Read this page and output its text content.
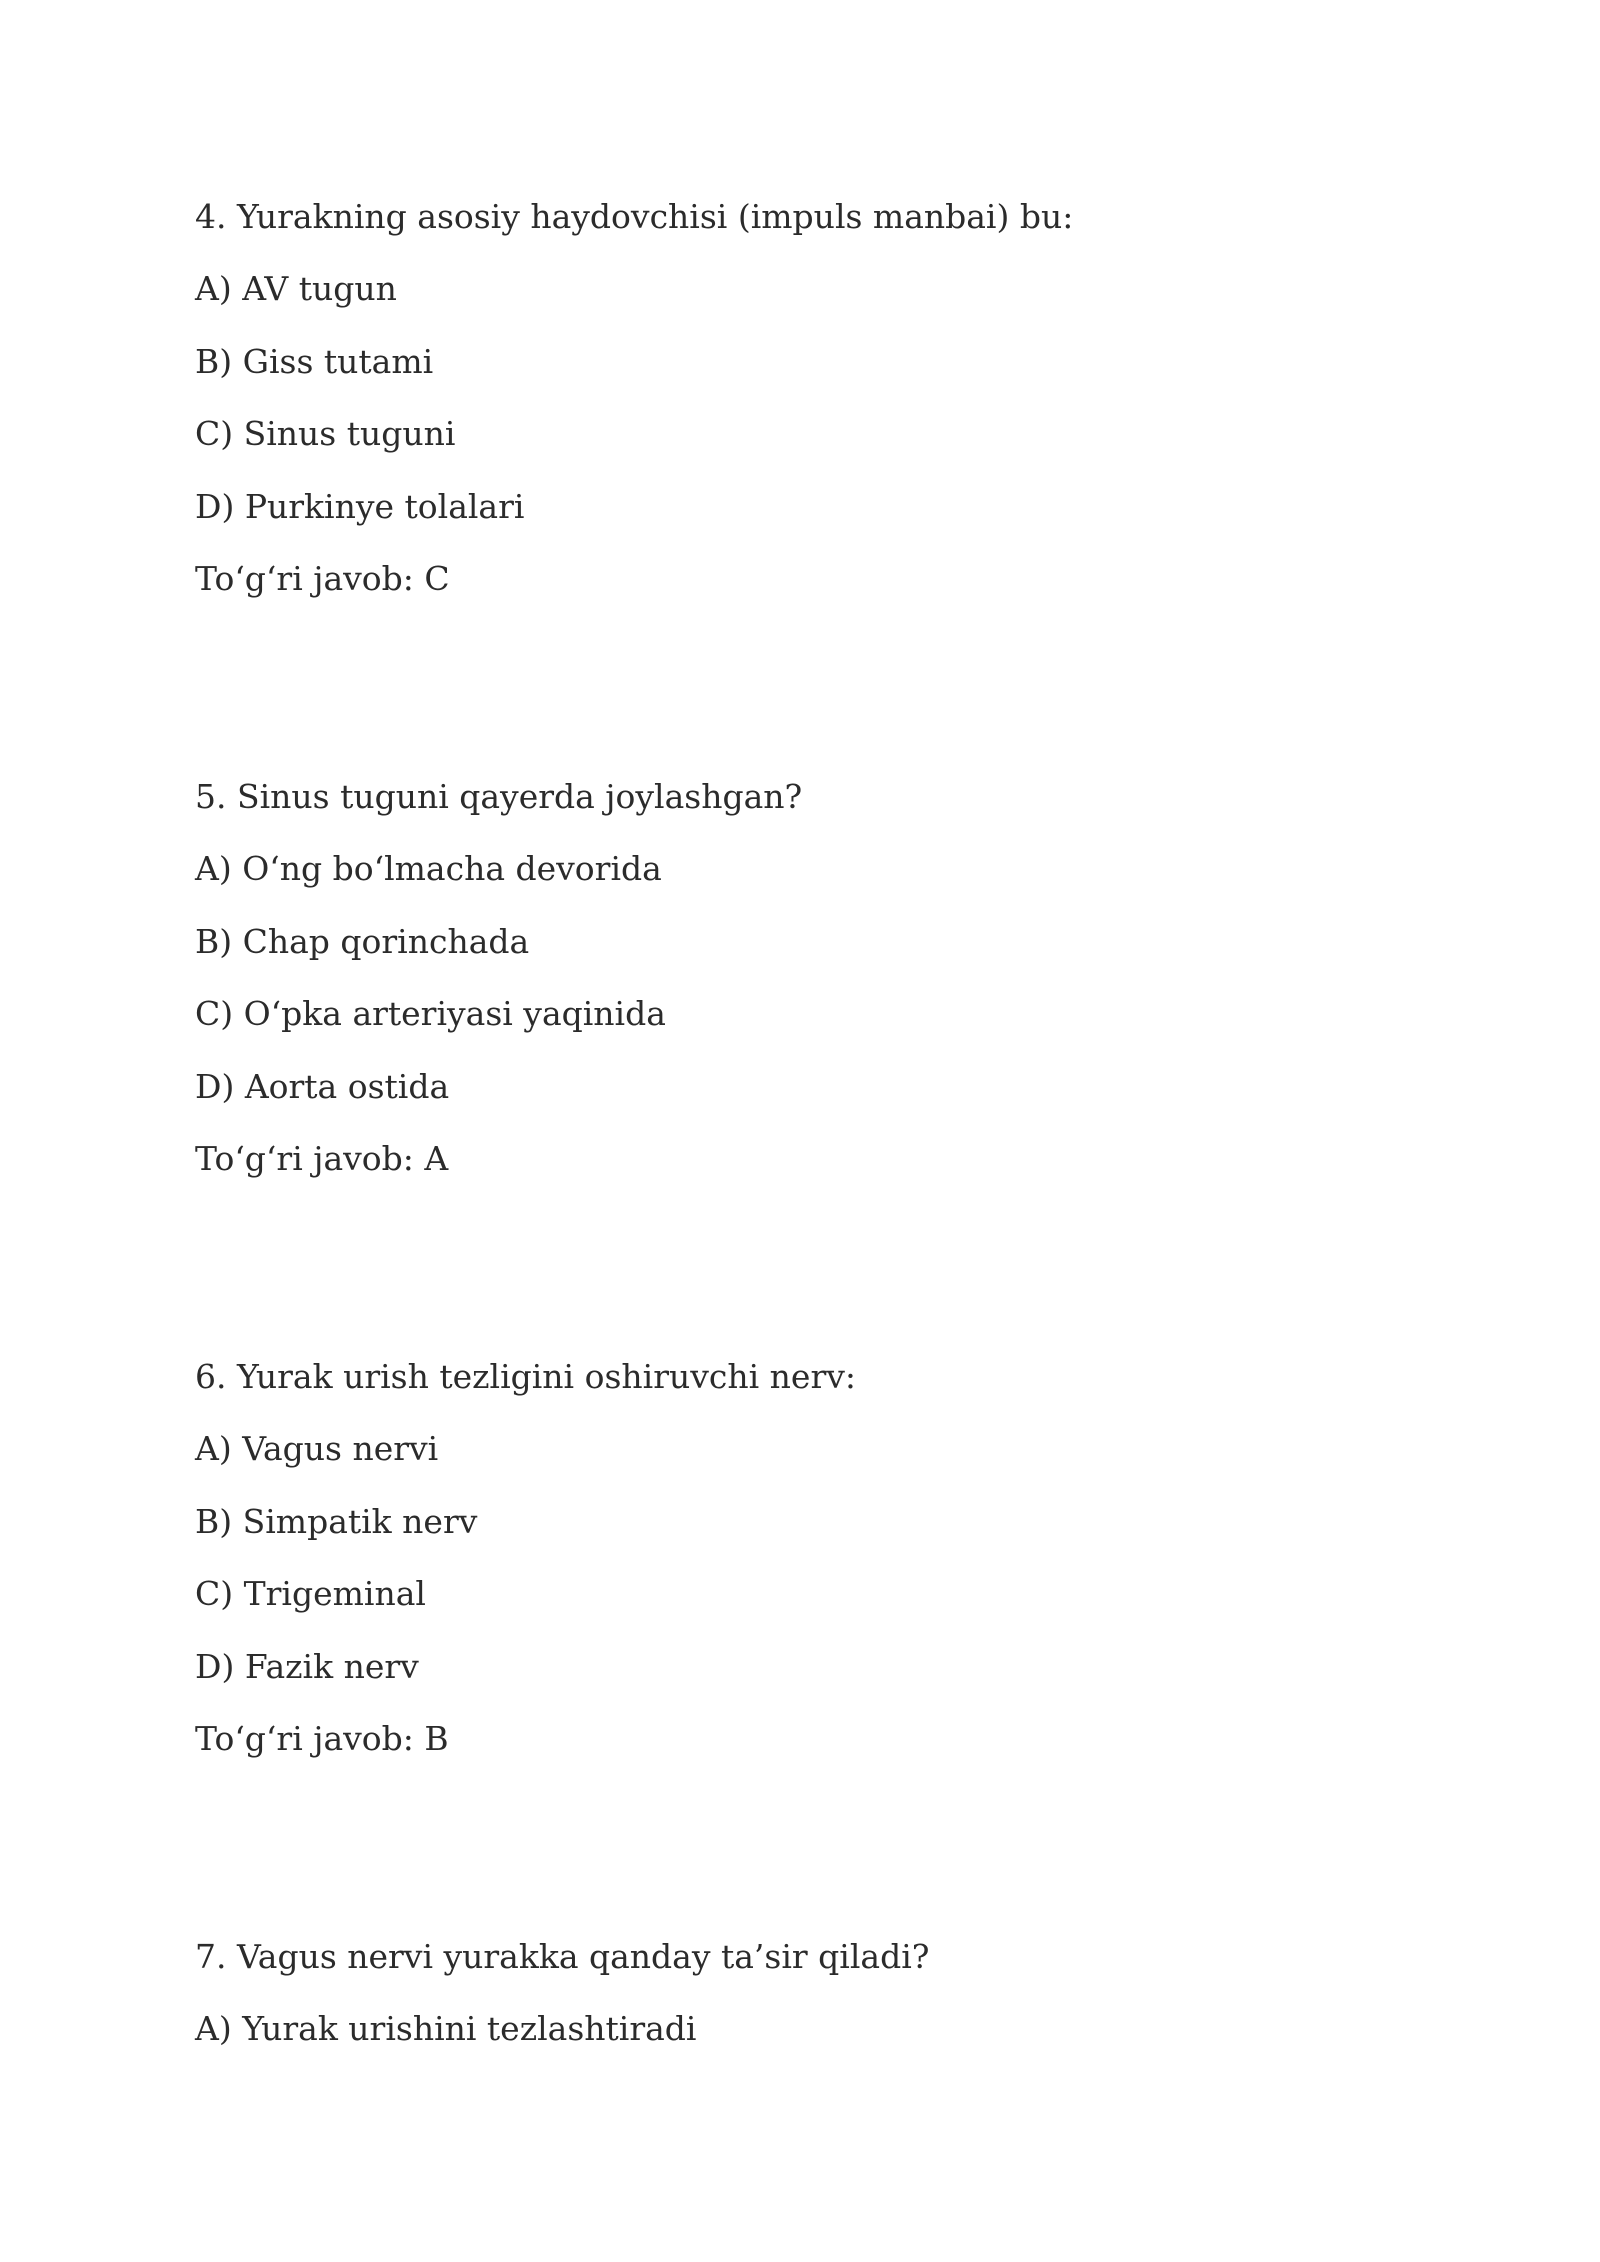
4. Yurakning asosiy haydovchisi (impuls manbai) bu:
A) AV tugun
B) Giss tutami
C) Sinus tuguni
D) Purkinye tolalari
To‘g‘ri javob: C
5. Sinus tuguni qayerda joylashgan?
A) O‘ng bo‘lmacha devorida
B) Chap qorinchada
C) O‘pka arteriyasi yaqinida
D) Aorta ostida
To‘g‘ri javob: A
6. Yurak urish tezligini oshiruvchi nerv:
A) Vagus nervi
B) Simpatik nerv
C) Trigeminal
D) Fazik nerv
To‘g‘ri javob: B
7. Vagus nervi yurakka qanday ta’sir qiladi?
A) Yurak urishini tezlashtiradi
